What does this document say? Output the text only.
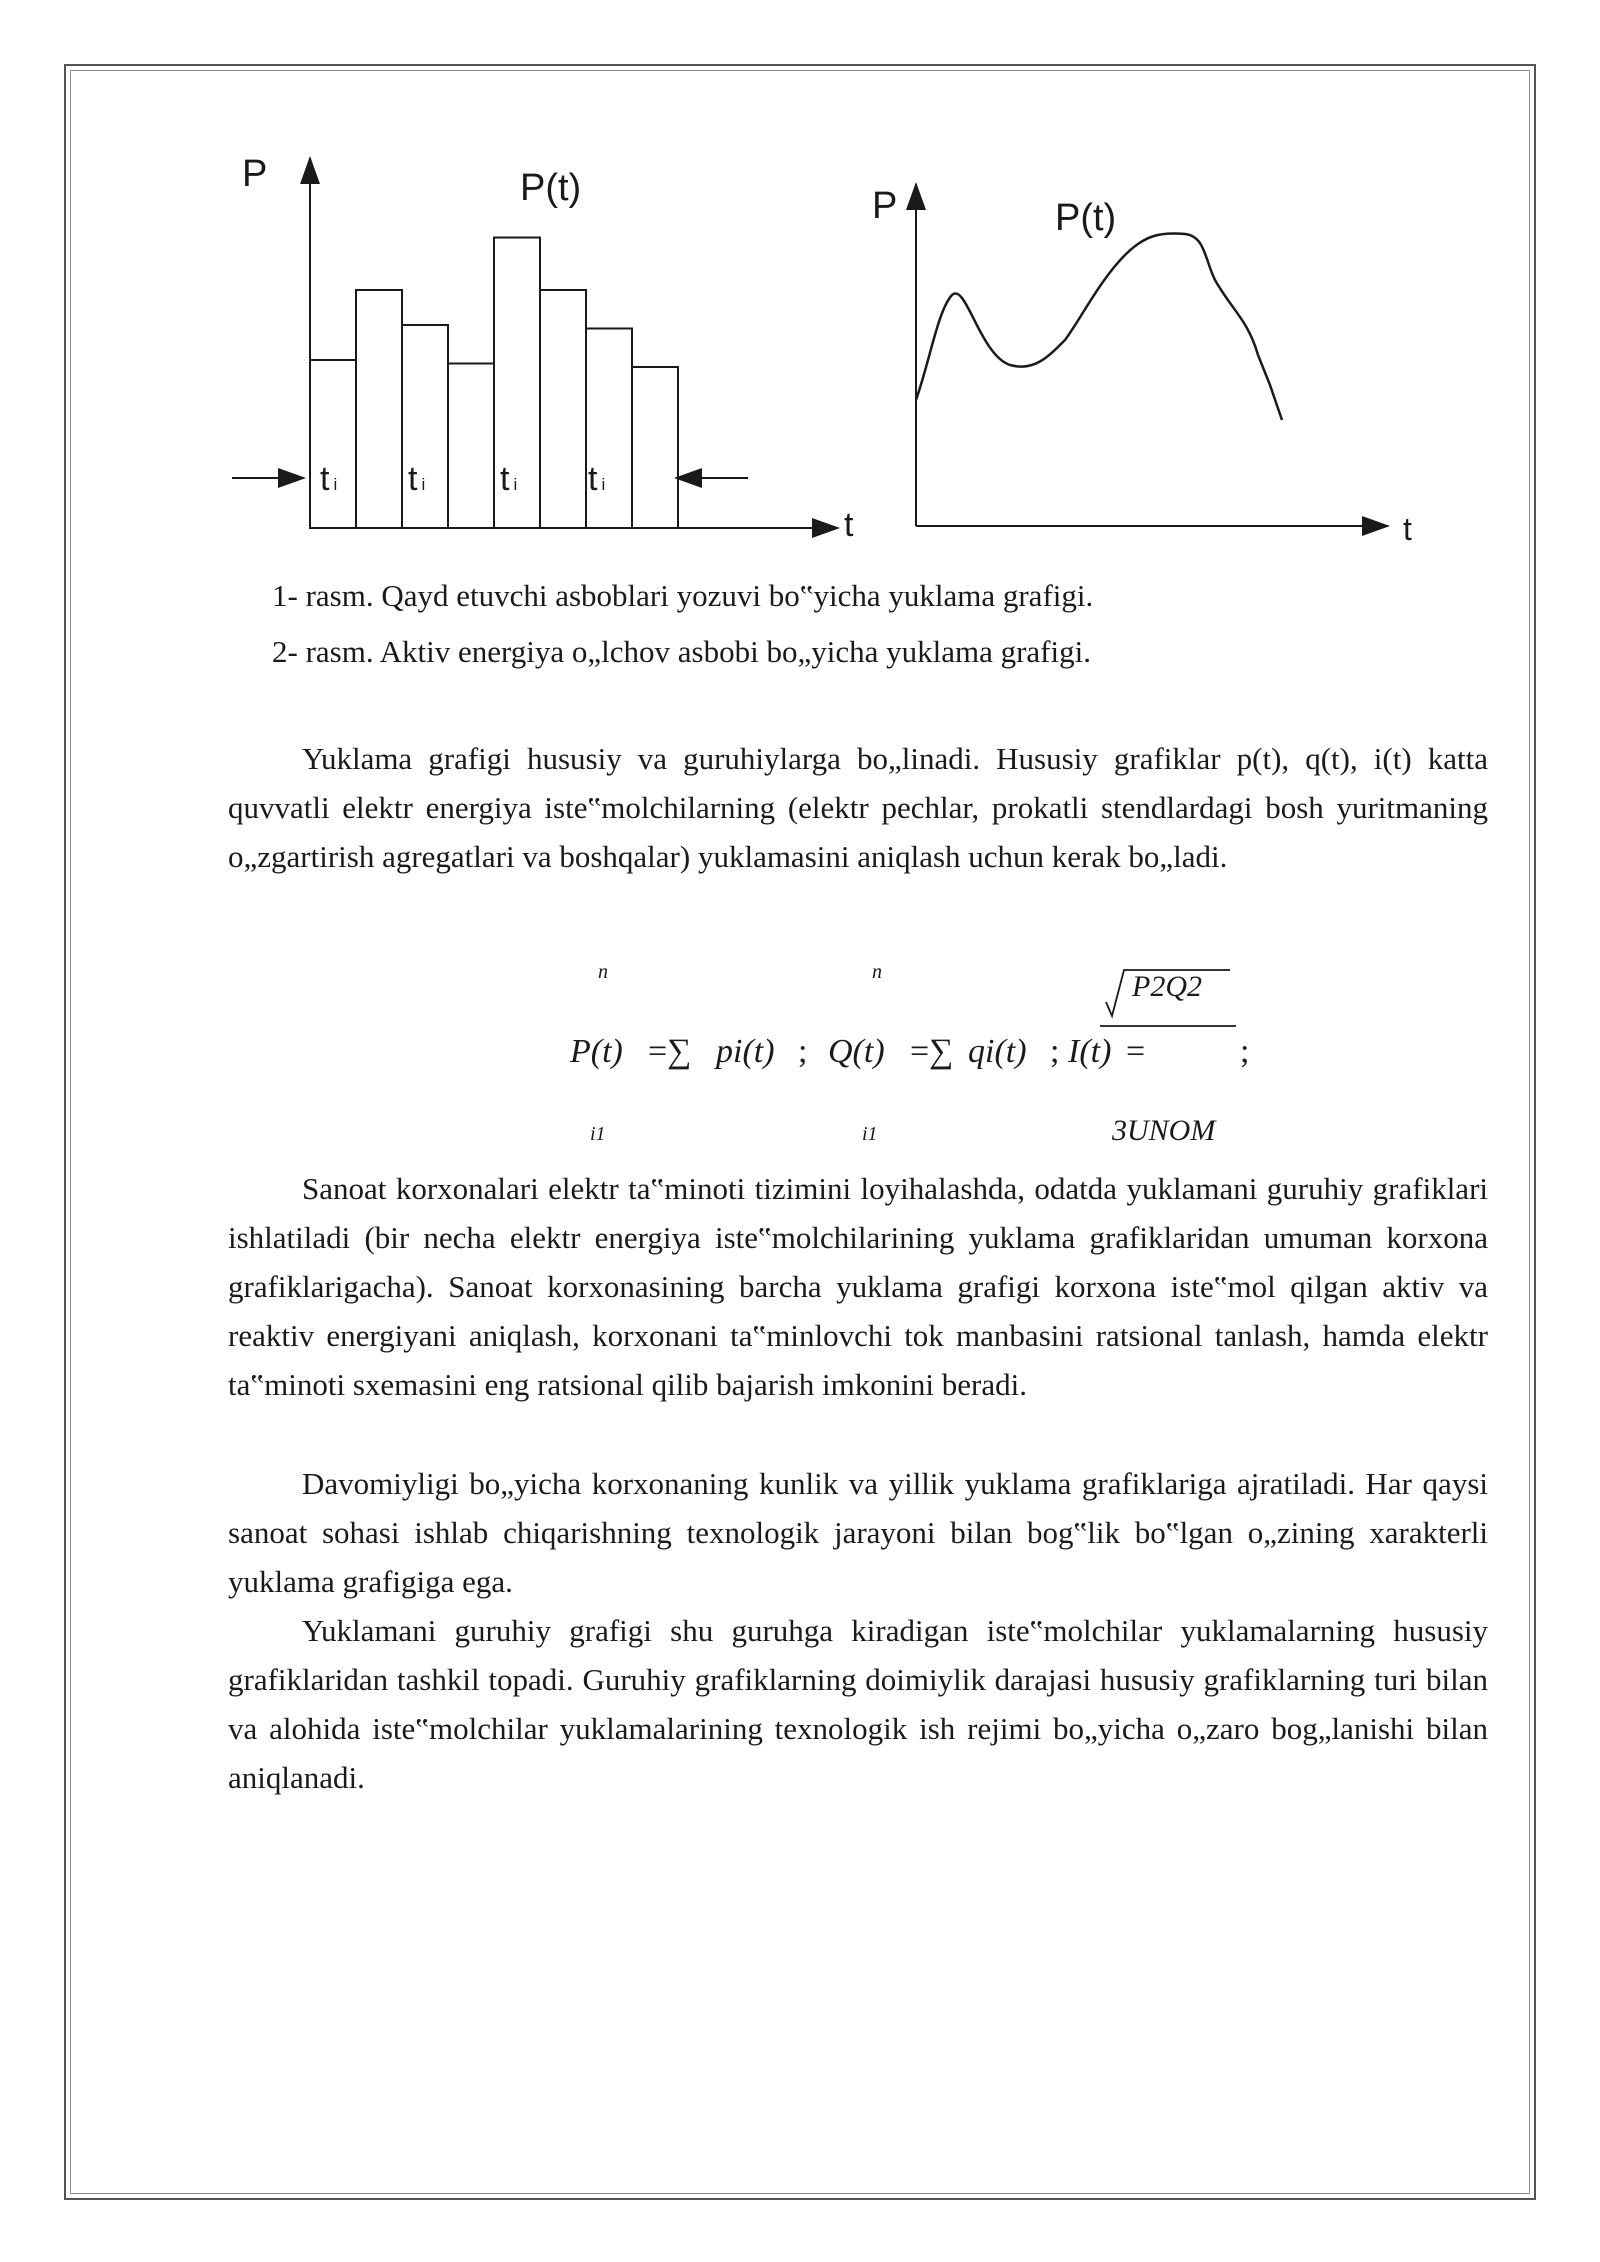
P	P(t)
t
ti ti ti ti
P	P(t)
t
1- rasm. Qayd etuvchi asboblari yozuvi bo‟yicha yuklama grafigi.
2- rasm. Aktiv energiya o„lchov asbobi bo„yicha yuklama grafigi.

Yuklama grafigi hususiy va guruhiylarga bo„linadi. Hususiy grafiklar p(t), q(t), i(t) katta quvvatli elektr energiya iste‟molchilarning (elektr pechlar, prokatli stendlardagi bosh yuritmaning o„zgartirish agregatlari va boshqalar) yuklamasini aniqlash uchun kerak bo„ladi.

n	n
P(t) =∑ pi(t) ; Q(t) =∑ qi(t) ; I(t) =
P2Q2
;
i1	i1	3UNOM

Sanoat korxonalari elektr ta‟minoti tizimini loyihalashda, odatda yuklamani guruhiy grafiklari ishlatiladi (bir necha elektr energiya iste‟molchilarining yuklama grafiklaridan umuman korxona grafiklarigacha). Sanoat korxonasining barcha yuklama grafigi korxona iste‟mol qilgan aktiv va reaktiv energiyani aniqlash, korxonani ta‟minlovchi tok manbasini ratsional tanlash, hamda elektr ta‟minoti sxemasini eng ratsional qilib bajarish imkonini beradi.

Davomiyligi bo„yicha korxonaning kunlik va yillik yuklama grafiklariga ajratiladi. Har qaysi sanoat sohasi ishlab chiqarishning texnologik jarayoni bilan bog‟lik bo‟lgan o„zining xarakterli yuklama grafigiga ega.

Yuklamani guruhiy grafigi shu guruhga kiradigan iste‟molchilar yuklamalarning hususiy grafiklaridan tashkil topadi. Guruhiy grafiklarning doimiylik darajasi hususiy grafiklarning turi bilan va alohida iste‟molchilar yuklamalarining texnologik ish rejimi bo„yicha o„zaro bog„lanishi bilan aniqlanadi.
